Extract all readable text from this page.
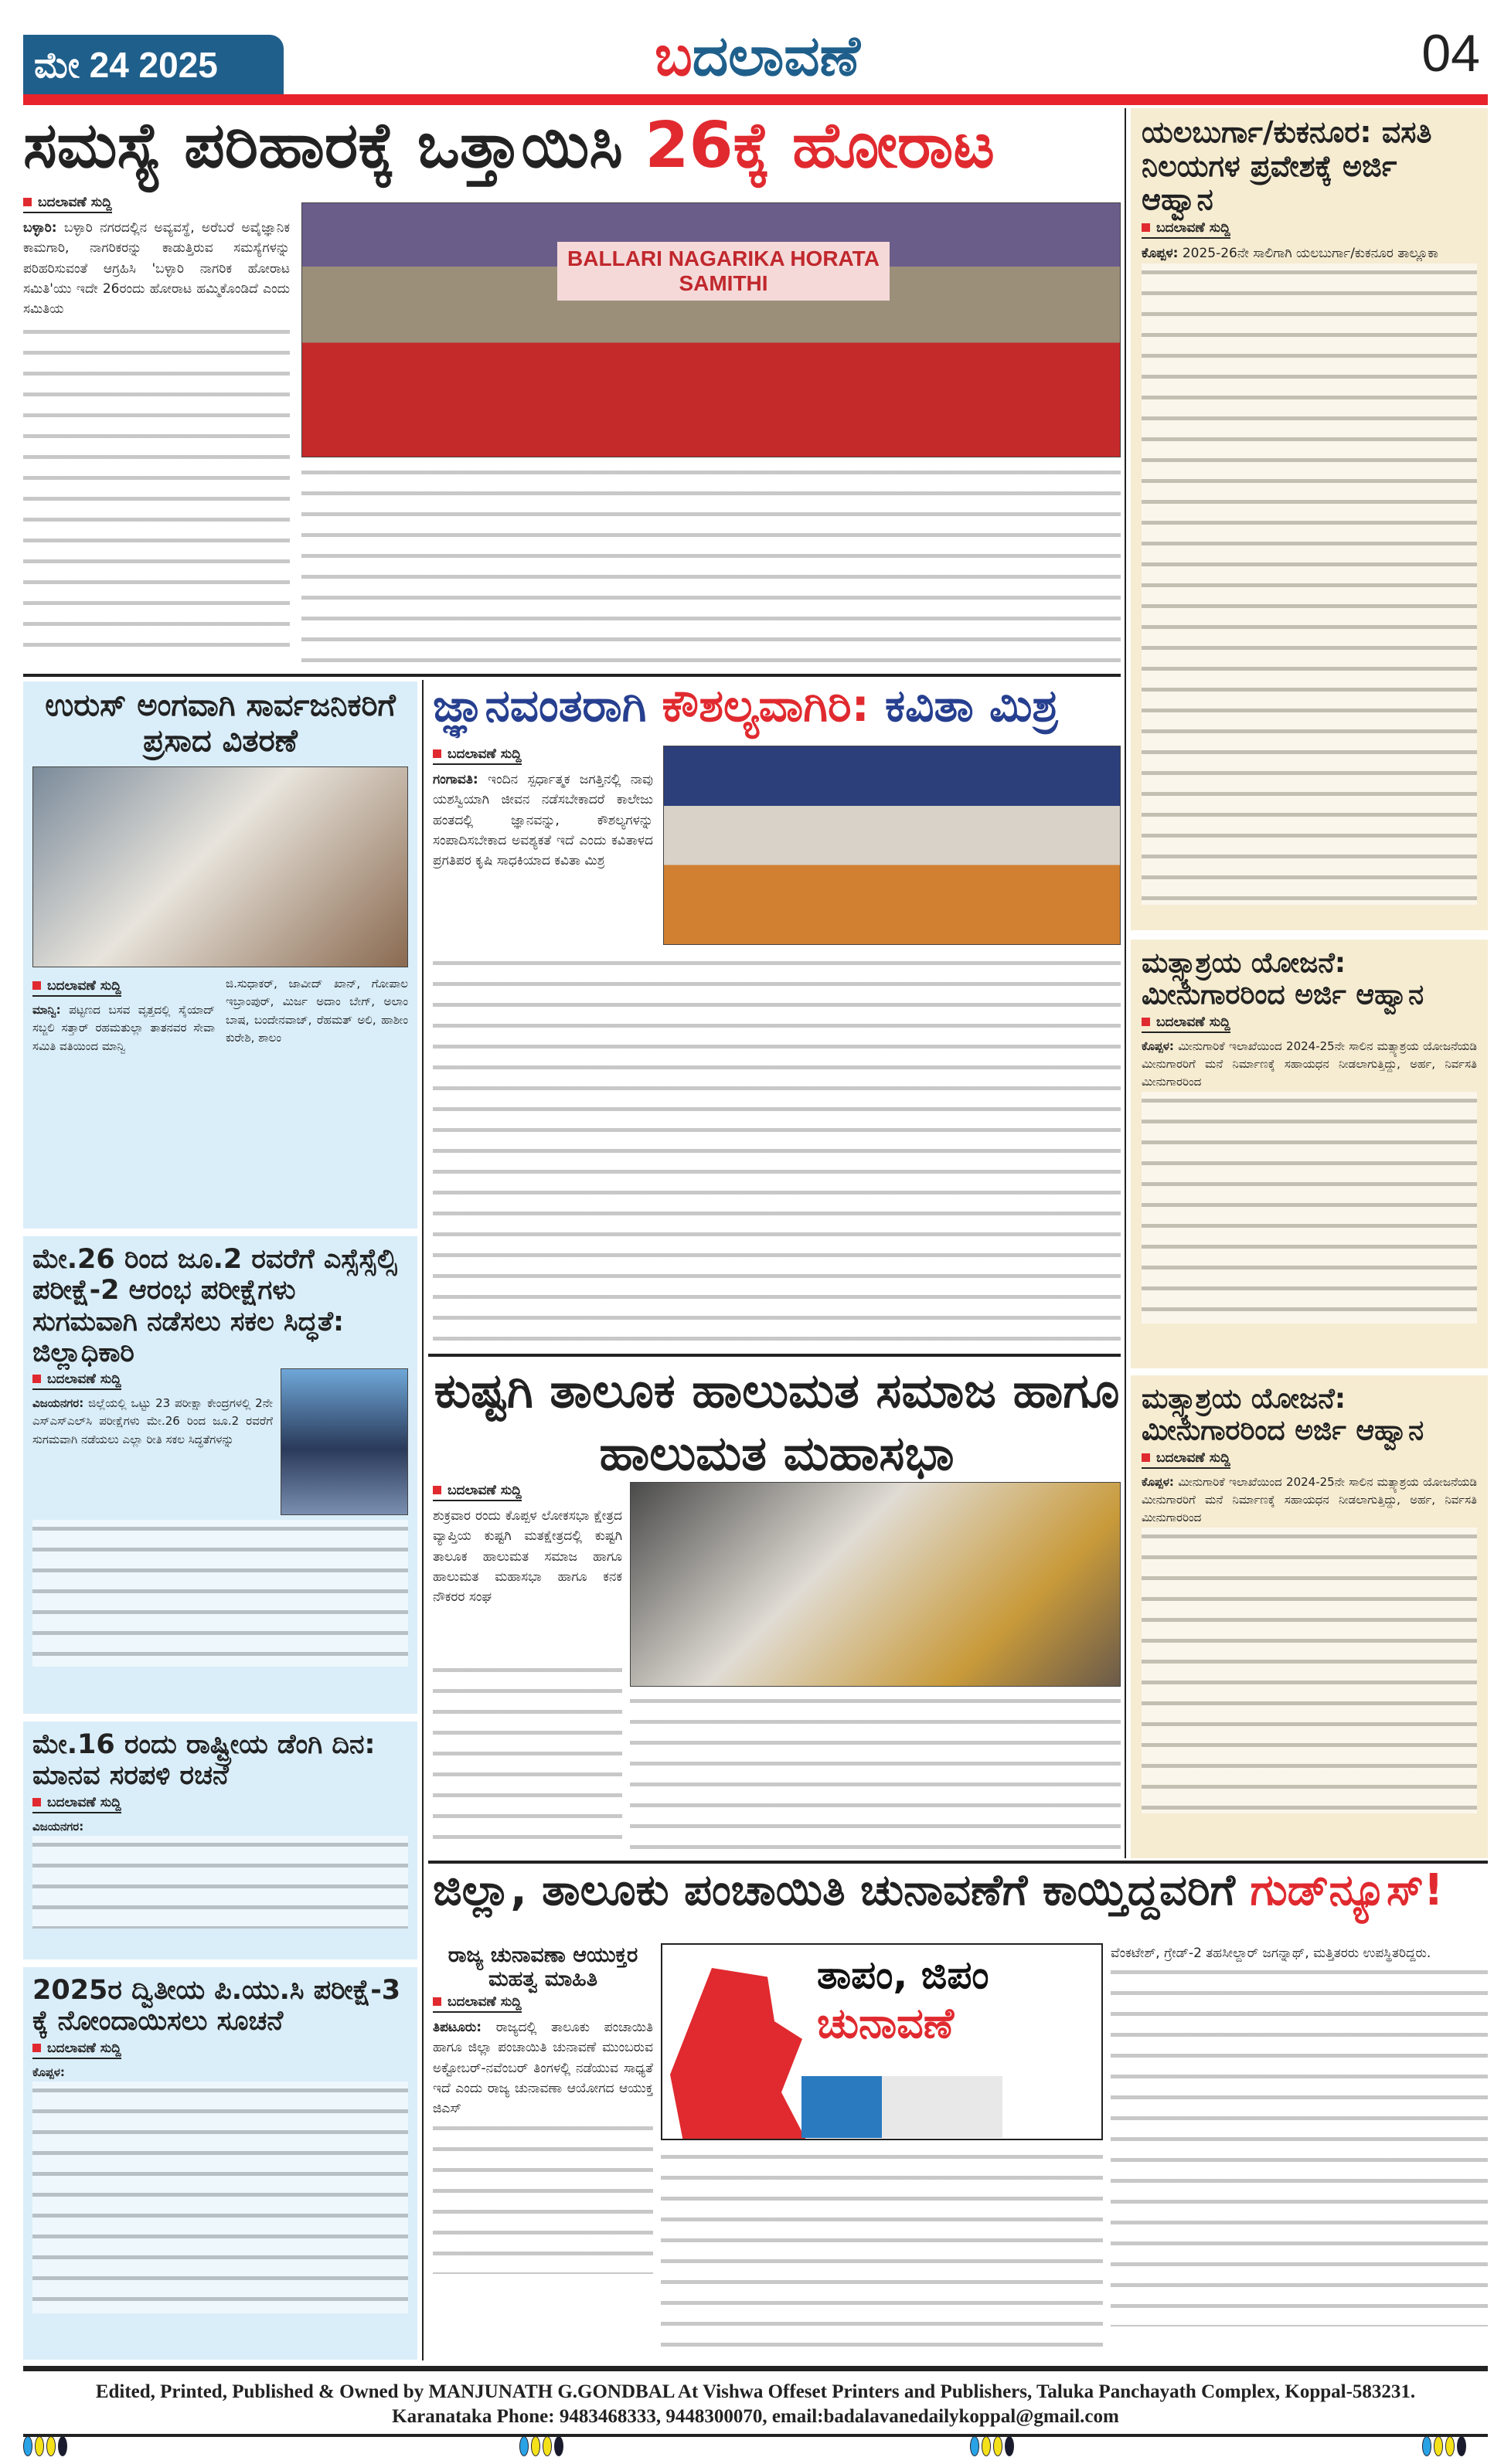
ಮೇ 24 2025	ಬದಲಾವಣೆ	04
ಸಮಸ್ಯೆ ಪರಿಹಾರಕ್ಕೆ ಒತ್ತಾಯಿಸಿ 26ಕ್ಕೆ ಹೋರಾಟ
ಬದಲಾವಣೆ ಸುದ್ದಿ

ಬಳ್ಳಾರಿ: ಬಳ್ಳಾರಿ ನಗರದಲ್ಲಿನ ಅವ್ಯವಸ್ಥೆ, ಅರೆಬರೆ ಅವೈಜ್ಞಾನಿಕ ಕಾಮಗಾರಿ, ನಾಗರಿಕರನ್ನು ಕಾಡುತ್ತಿರುವ ಸಮಸ್ಯೆಗಳನ್ನು ಪರಿಹರಿಸುವಂತೆ ಆಗ್ರಹಿಸಿ 'ಬಳ್ಳಾರಿ ನಾಗರಿಕ ಹೋರಾಟ ಸಮಿತಿ'ಯು ಇದೇ 26ರಂದು ಹೋರಾಟ ಹಮ್ಮಿಕೊಂಡಿದೆ ಎಂದು ಸಮಿತಿಯ

BALLARI NAGARIKA HORATA SAMITHI
ಯಲಬುರ್ಗಾ/ಕುಕನೂರ: ವಸತಿ ನಿಲಯಗಳ ಪ್ರವೇಶಕ್ಕೆ ಅರ್ಜಿ ಆಹ್ವಾನ
ಬದಲಾವಣೆ ಸುದ್ದಿ

ಕೊಪ್ಪಳ: 2025-26ನೇ ಸಾಲಿಗಾಗಿ ಯಲಬುರ್ಗಾ/ಕುಕನೂರ ತಾಲ್ಲೂಕಾ

ಉರುಸ್ ಅಂಗವಾಗಿ ಸಾರ್ವಜನಿಕರಿಗೆ ಪ್ರಸಾದ ವಿತರಣೆ
ಬದಲಾವಣೆ ಸುದ್ದಿ

ಮಾನ್ವಿ: ಪಟ್ಟಣದ ಬಸವ ವೃತ್ತದಲ್ಲಿ ಸೈಯಾದ್ ಸಬ್ಜಲಿ ಸತ್ತಾರ್ ರಹಮತುಲ್ಲಾ ತಾತನವರ ಸೇವಾ ಸಮಿತಿ ವತಿಯಿಂದ ಮಾನ್ವಿ

ಜಿ.ಸುಧಾಕರ್, ಜಾವೀದ್ ಖಾನ್, ಗೋಪಾಲ ಇಬ್ರಾಂಪುರ್, ಮಿರ್ಜ ಅದಾಂ ಬೇಗ್, ಅಲಾಂ ಬಾಷ, ಬಂದೇನವಾಜ್, ರೆಹಮತ್ ಅಲಿ, ಹಾಶೀಂ ಕುರೇಶಿ, ಶಾಲಂ

ಜ್ಞಾನವಂತರಾಗಿ ಕೌಶಲ್ಯವಾಗಿರಿ: ಕವಿತಾ ಮಿಶ್ರ
ಬದಲಾವಣೆ ಸುದ್ದಿ

ಗಂಗಾವತಿ: ಇಂದಿನ ಸ್ಪರ್ಧಾತ್ಮಕ ಜಗತ್ತಿನಲ್ಲಿ ನಾವು ಯಶಸ್ವಿಯಾಗಿ ಜೀವನ ನಡೆಸಬೇಕಾದರೆ ಕಾಲೇಜು ಹಂತದಲ್ಲಿ ಜ್ಞಾನವನ್ನು, ಕೌಶಲ್ಯಗಳನ್ನು ಸಂಪಾದಿಸಬೇಕಾದ ಅವಶ್ಯಕತೆ ಇದೆ ಎಂದು ಕವಿತಾಳದ ಪ್ರಗತಿಪರ ಕೃಷಿ ಸಾಧಕಿಯಾದ ಕವಿತಾ ಮಿಶ್ರ

ಮೇ.26 ರಿಂದ ಜೂ.2 ರವರೆಗೆ ಎಸ್ಸೆಸ್ಸೆಲ್ಸಿ ಪರೀಕ್ಷೆ-2 ಆರಂಭ ಪರೀಕ್ಷೆಗಳು ಸುಗಮವಾಗಿ ನಡೆಸಲು ಸಕಲ ಸಿದ್ಧತೆ: ಜಿಲ್ಲಾಧಿಕಾರಿ
ಬದಲಾವಣೆ ಸುದ್ದಿ

ವಿಜಯನಗರ: ಜಿಲ್ಲೆಯಲ್ಲಿ ಒಟ್ಟು 23 ಪರೀಕ್ಷಾ ಕೇಂದ್ರಗಳಲ್ಲಿ 2ನೇ ಎಸ್‌ಎಸ್‌ಎಲ್‌ಸಿ ಪರೀಕ್ಷೆಗಳು ಮೇ.26 ರಿಂದ ಜೂ.2 ರವರೆಗೆ ಸುಗಮವಾಗಿ ನಡೆಯಲು ಎಲ್ಲಾ ರೀತಿ ಸಕಲ ಸಿದ್ಧತೆಗಳನ್ನು

ಕುಷ್ಟಗಿ ತಾಲೂಕ ಹಾಲುಮತ ಸಮಾಜ ಹಾಗೂ ಹಾಲುಮತ ಮಹಾಸಭಾ
ಬದಲಾವಣೆ ಸುದ್ದಿ

ಶುಕ್ರವಾರ ರಂದು ಕೊಪ್ಪಳ ಲೋಕಸಭಾ ಕ್ಷೇತ್ರದ ವ್ಯಾಪ್ತಿಯ ಕುಷ್ಟಗಿ ಮತಕ್ಷೇತ್ರದಲ್ಲಿ ಕುಷ್ಟಗಿ ತಾಲೂಕ ಹಾಲುಮತ ಸಮಾಜ ಹಾಗೂ ಹಾಲುಮತ ಮಹಾಸಭಾ ಹಾಗೂ ಕನಕ ನೌಕರರ ಸಂಘ

ಮತ್ಸ್ಯಾಶ್ರಯ ಯೋಜನೆ: ಮೀನುಗಾರರಿಂದ ಅರ್ಜಿ ಆಹ್ವಾನ
ಬದಲಾವಣೆ ಸುದ್ದಿ

ಕೊಪ್ಪಳ: ಮೀನುಗಾರಿಕೆ ಇಲಾಖೆಯಿಂದ 2024-25ನೇ ಸಾಲಿನ ಮತ್ಸ್ಯಾಶ್ರಯ ಯೋಜನೆಯಡಿ ಮೀನುಗಾರರಿಗೆ ಮನೆ ನಿರ್ಮಾಣಕ್ಕೆ ಸಹಾಯಧನ ನೀಡಲಾಗುತ್ತಿದ್ದು, ಅರ್ಹ, ನಿರ್ವಸತಿ ಮೀನುಗಾರರಿಂದ

ಮತ್ಸ್ಯಾಶ್ರಯ ಯೋಜನೆ: ಮೀನುಗಾರರಿಂದ ಅರ್ಜಿ ಆಹ್ವಾನ
ಬದಲಾವಣೆ ಸುದ್ದಿ

ಕೊಪ್ಪಳ: ಮೀನುಗಾರಿಕೆ ಇಲಾಖೆಯಿಂದ 2024-25ನೇ ಸಾಲಿನ ಮತ್ಸ್ಯಾಶ್ರಯ ಯೋಜನೆಯಡಿ ಮೀನುಗಾರರಿಗೆ ಮನೆ ನಿರ್ಮಾಣಕ್ಕೆ ಸಹಾಯಧನ ನೀಡಲಾಗುತ್ತಿದ್ದು, ಅರ್ಹ, ನಿರ್ವಸತಿ ಮೀನುಗಾರರಿಂದ

ಮೇ.16 ರಂದು ರಾಷ್ಟ್ರೀಯ ಡೆಂಗಿ ದಿನ: ಮಾನವ ಸರಪಳಿ ರಚನೆ
ಬದಲಾವಣೆ ಸುದ್ದಿ

ವಿಜಯನಗರ:

2025ರ ದ್ವಿತೀಯ ಪಿ.ಯು.ಸಿ ಪರೀಕ್ಷೆ-3 ಕ್ಕೆ ನೋಂದಾಯಿಸಲು ಸೂಚನೆ
ಬದಲಾವಣೆ ಸುದ್ದಿ

ಕೊಪ್ಪಳ:

ಜಿಲ್ಲಾ, ತಾಲೂಕು ಪಂಚಾಯಿತಿ ಚುನಾವಣೆಗೆ ಕಾಯ್ತಿದ್ದವರಿಗೆ ಗುಡ್‌ನ್ಯೂಸ್!
ರಾಜ್ಯ ಚುನಾವಣಾ ಆಯುಕ್ತರ ಮಹತ್ವ ಮಾಹಿತಿ
ಬದಲಾವಣೆ ಸುದ್ದಿ

ತಿಪಟೂರು: ರಾಜ್ಯದಲ್ಲಿ ತಾಲೂಕು ಪಂಚಾಯಿತಿ ಹಾಗೂ ಜಿಲ್ಲಾ ಪಂಚಾಯಿತಿ ಚುನಾವಣೆ ಮುಂಬರುವ ಅಕ್ಟೋಬರ್-ನವೆಂಬರ್ ತಿಂಗಳಲ್ಲಿ ನಡೆಯುವ ಸಾಧ್ಯತೆ ಇದೆ ಎಂದು ರಾಜ್ಯ ಚುನಾವಣಾ ಆಯೋಗದ ಆಯುಕ್ತ ಜಿಎಸ್

ತಾಪಂ, ಜಿಪಂ
ಚುನಾವಣೆ

ವೆಂಕಟೇಶ್, ಗ್ರೇಡ್-2 ತಹಸೀಲ್ದಾರ್ ಜಗನ್ನಾಥ್, ಮತ್ತಿತರರು ಉಪಸ್ಥಿತರಿದ್ದರು.

Edited, Printed, Published & Owned by MANJUNATH G.GONDBAL At Vishwa Offeset Printers and Publishers, Taluka Panchayath Complex, Koppal-583231.
Karanataka Phone: 9483468333, 9448300070, email:badalavanedailykoppal@gmail.com
